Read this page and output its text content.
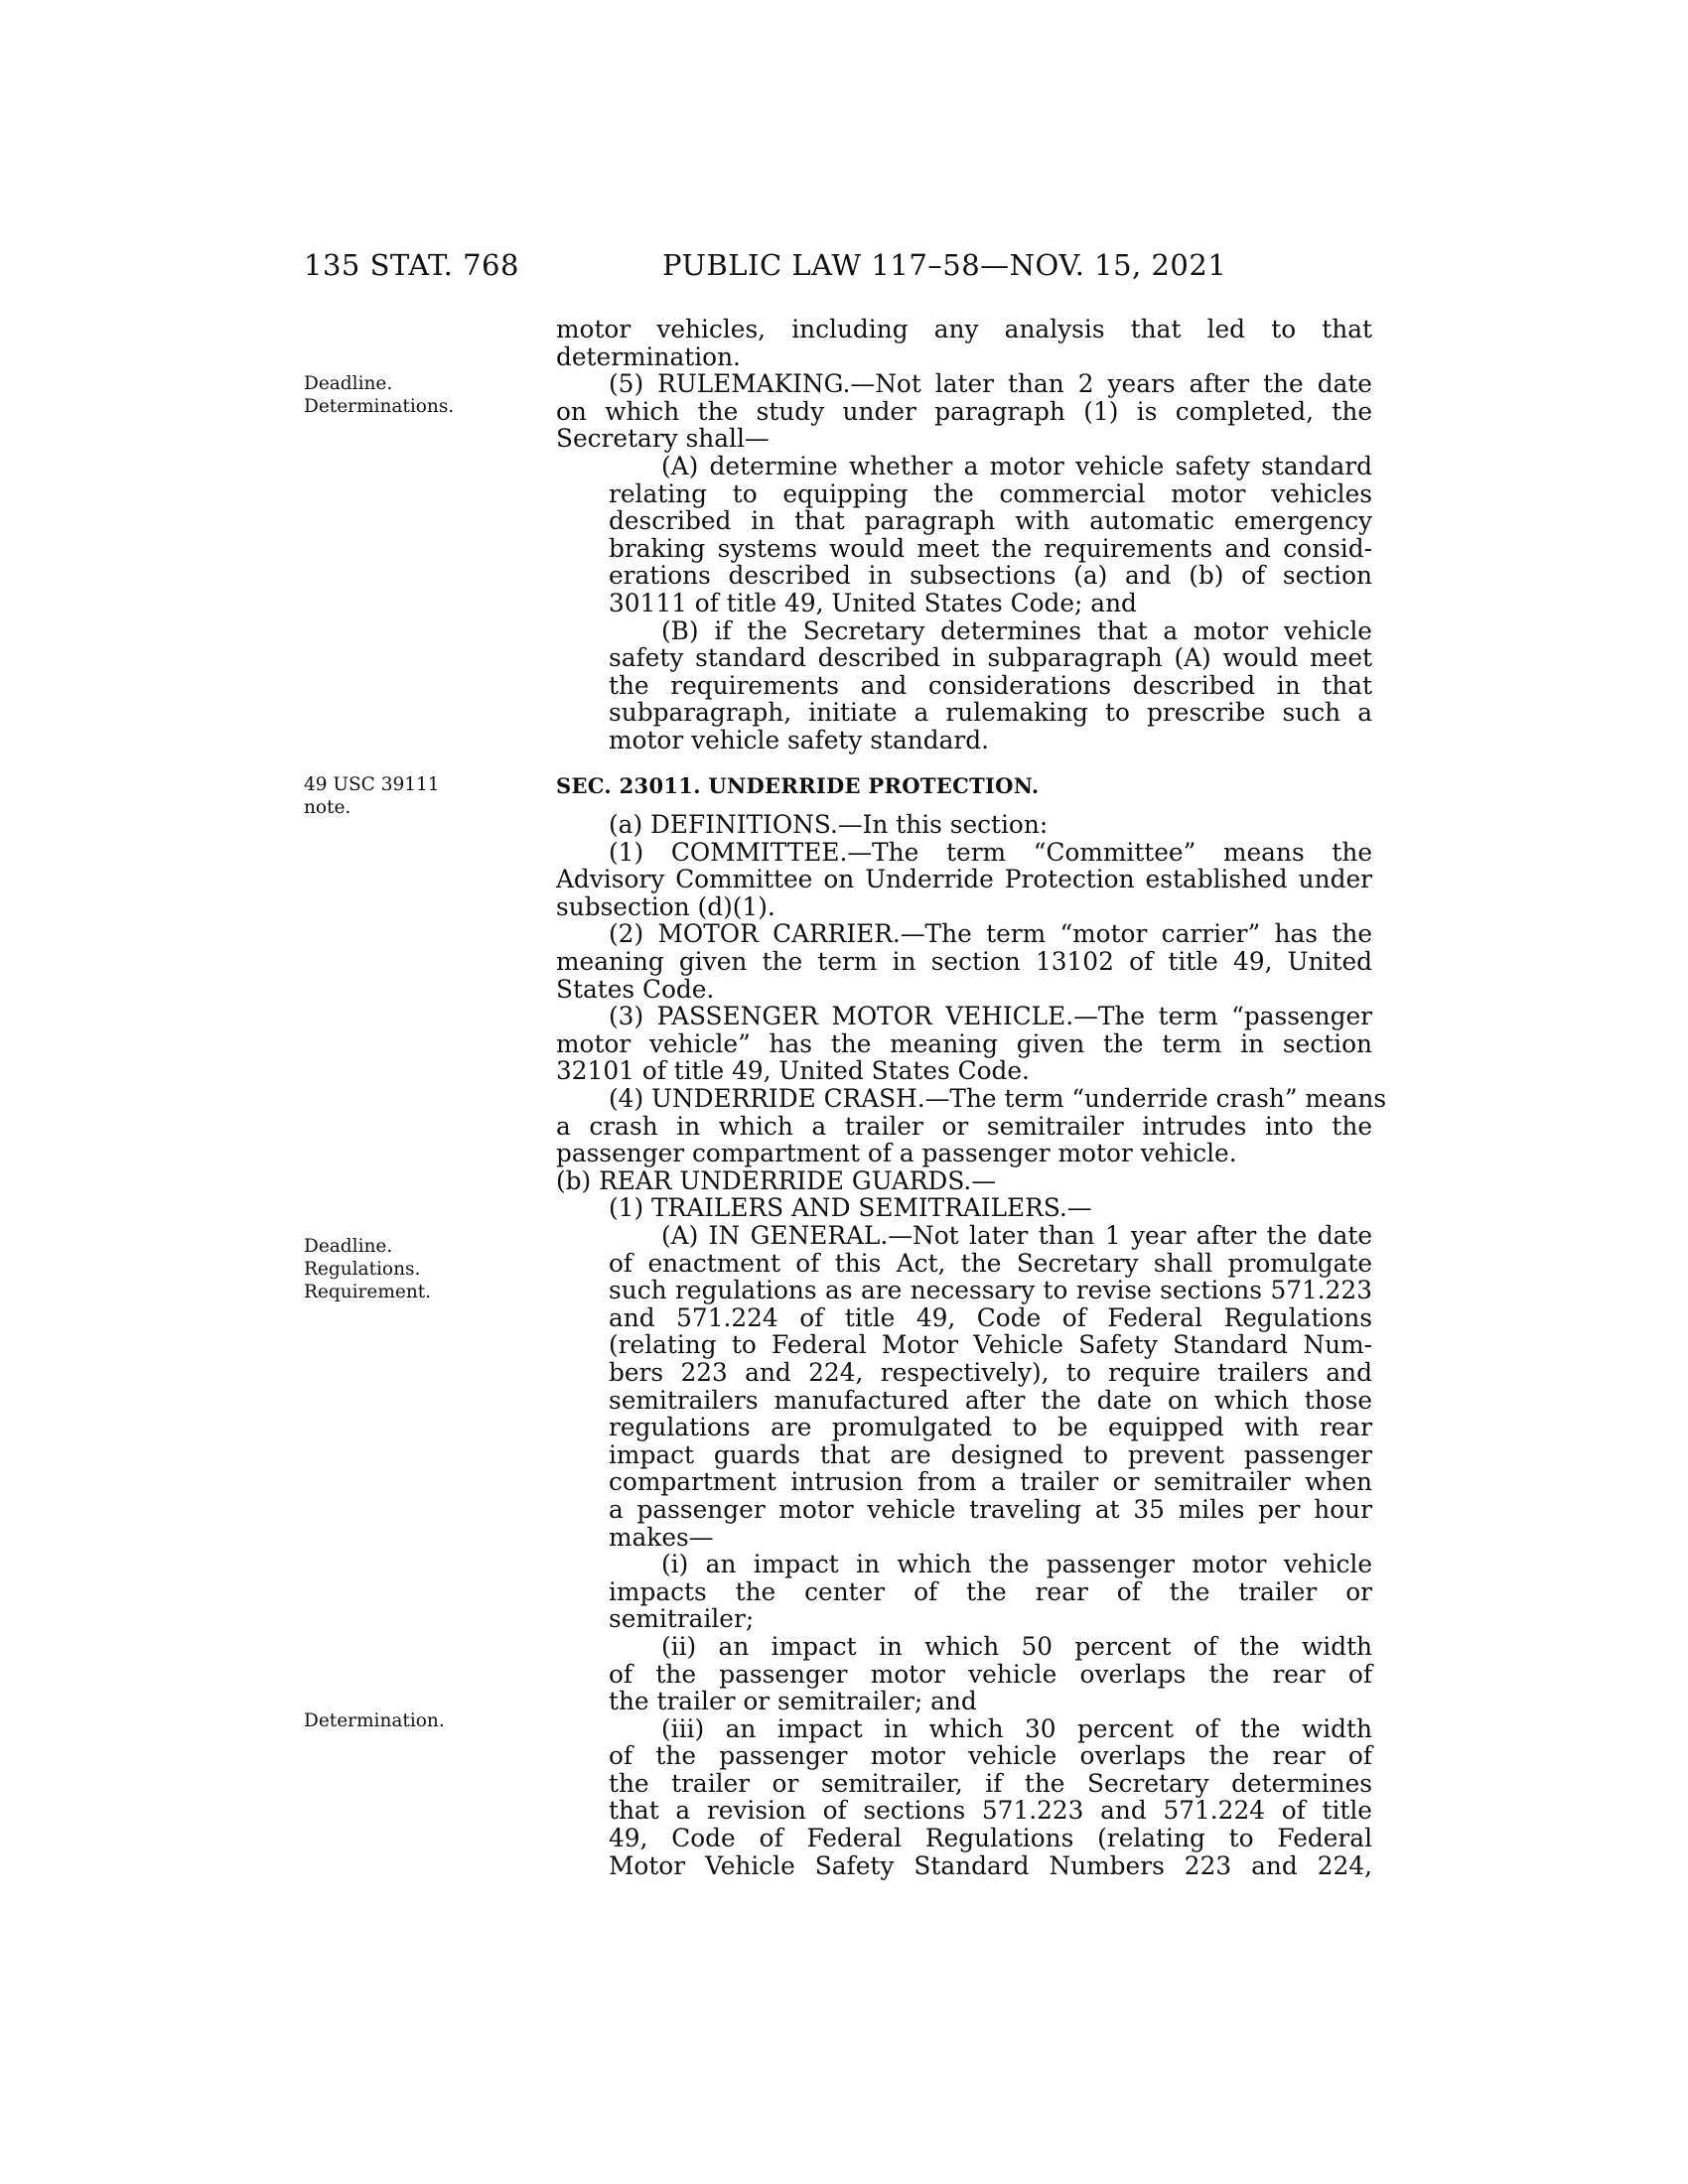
135 STAT. 768	PUBLIC LAW 117–58—NOV. 15, 2021
Deadline.
Determinations.
49 USC 39111
note.
Deadline.
Regulations.
Requirement.
Determination.
motor vehicles, including any analysis that led to that
determination.
(5) RULEMAKING.—Not later than 2 years after the date
on which the study under paragraph (1) is completed, the
Secretary shall—
(A) determine whether a motor vehicle safety standard
relating to equipping the commercial motor vehicles
described in that paragraph with automatic emergency
braking systems would meet the requirements and consid-
erations described in subsections (a) and (b) of section
30111 of title 49, United States Code; and
(B) if the Secretary determines that a motor vehicle
safety standard described in subparagraph (A) would meet
the requirements and considerations described in that
subparagraph, initiate a rulemaking to prescribe such a
motor vehicle safety standard.
SEC. 23011. UNDERRIDE PROTECTION.
(a) DEFINITIONS.—In this section:
(1) COMMITTEE.—The term “Committee” means the
Advisory Committee on Underride Protection established under
subsection (d)(1).
(2) MOTOR CARRIER.—The term “motor carrier” has the
meaning given the term in section 13102 of title 49, United
States Code.
(3) PASSENGER MOTOR VEHICLE.—The term “passenger
motor vehicle” has the meaning given the term in section
32101 of title 49, United States Code.
(4) UNDERRIDE CRASH.—The term “underride crash” means
a crash in which a trailer or semitrailer intrudes into the
passenger compartment of a passenger motor vehicle.
(b) REAR UNDERRIDE GUARDS.—
(1) TRAILERS AND SEMITRAILERS.—
(A) IN GENERAL.—Not later than 1 year after the date
of enactment of this Act, the Secretary shall promulgate
such regulations as are necessary to revise sections 571.223
and 571.224 of title 49, Code of Federal Regulations
(relating to Federal Motor Vehicle Safety Standard Num-
bers 223 and 224, respectively), to require trailers and
semitrailers manufactured after the date on which those
regulations are promulgated to be equipped with rear
impact guards that are designed to prevent passenger
compartment intrusion from a trailer or semitrailer when
a passenger motor vehicle traveling at 35 miles per hour
makes—
(i) an impact in which the passenger motor vehicle
impacts the center of the rear of the trailer or
semitrailer;
(ii) an impact in which 50 percent of the width
of the passenger motor vehicle overlaps the rear of
the trailer or semitrailer; and
(iii) an impact in which 30 percent of the width
of the passenger motor vehicle overlaps the rear of
the trailer or semitrailer, if the Secretary determines
that a revision of sections 571.223 and 571.224 of title
49, Code of Federal Regulations (relating to Federal
Motor Vehicle Safety Standard Numbers 223 and 224,
